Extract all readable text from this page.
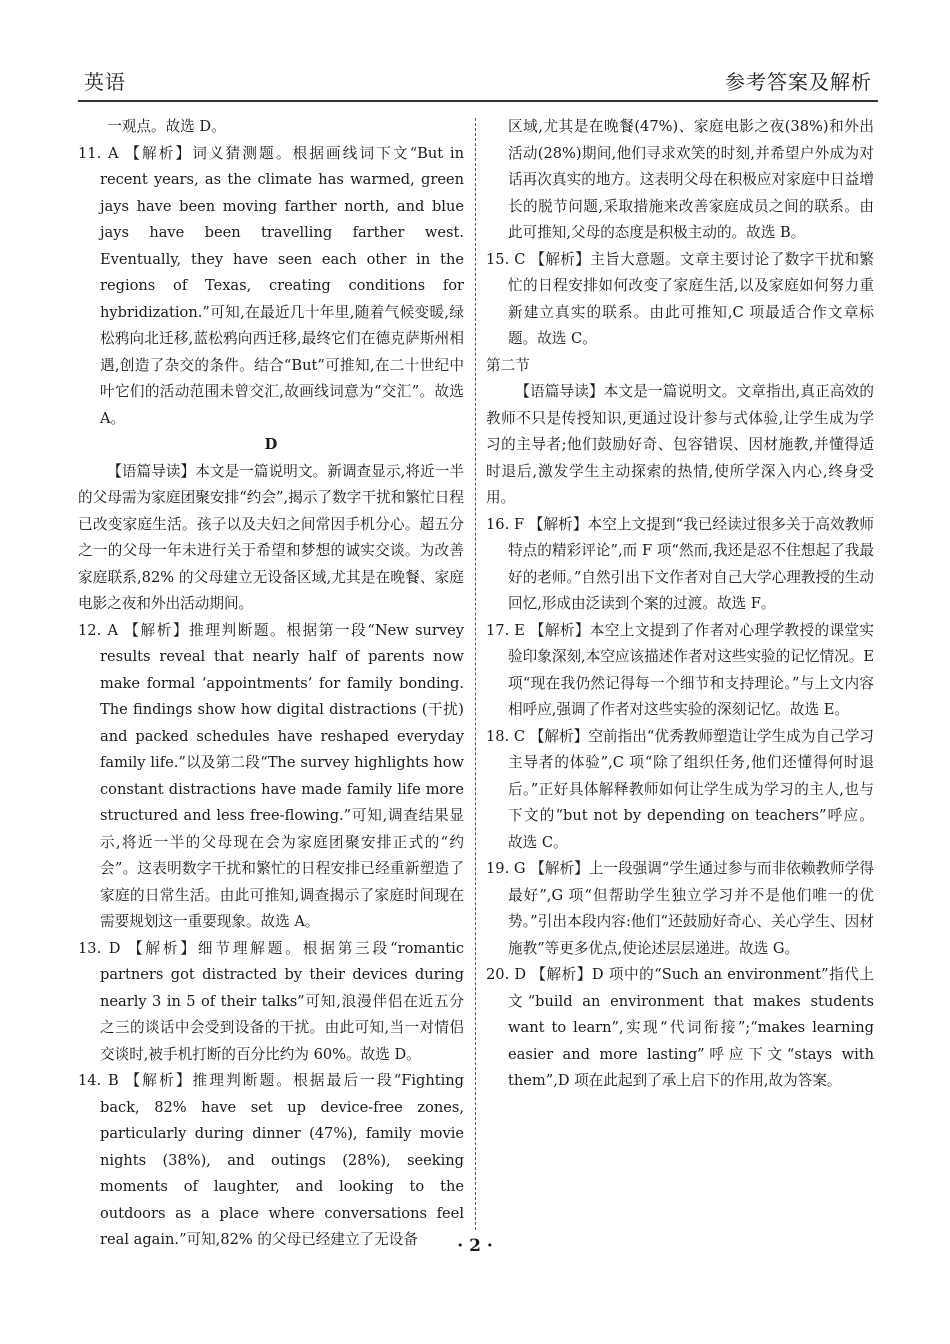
英语	参考答案及解析

一观点。故选 D。

11. A 【解析】词义猜测题。根据画线词下文“But in recent years, as the climate has warmed, green jays have been moving farther north, and blue jays have been travelling farther west. Eventually, they have seen each other in the regions of Texas, creating conditions for hybridization.”可知,在最近几十年里,随着气候变暖,绿松鸦向北迁移,蓝松鸦向西迁移,最终它们在德克萨斯州相遇,创造了杂交的条件。结合“But”可推知,在二十世纪中叶它们的活动范围未曾交汇,故画线词意为“交汇”。故选 A。

D

【语篇导读】本文是一篇说明文。新调查显示,将近一半的父母需为家庭团聚安排“约会”,揭示了数字干扰和繁忙日程已改变家庭生活。孩子以及夫妇之间常因手机分心。超五分之一的父母一年未进行关于希望和梦想的诚实交谈。为改善家庭联系,82% 的父母建立无设备区域,尤其是在晚餐、家庭电影之夜和外出活动期间。

12. A 【解析】推理判断题。根据第一段“New survey results reveal that nearly half of parents now make formal ‘appointments’ for family bonding. The findings show how digital distractions (干扰) and packed schedules have reshaped everyday family life.”以及第二段“The survey highlights how constant distractions have made family life more structured and less free-flowing.”可知,调查结果显示,将近一半的父母现在会为家庭团聚安排正式的“约会”。这表明数字干扰和繁忙的日程安排已经重新塑造了家庭的日常生活。由此可推知,调查揭示了家庭时间现在需要规划这一重要现象。故选 A。

13. D 【解析】细节理解题。根据第三段“romantic partners got distracted by their devices during nearly 3 in 5 of their talks”可知,浪漫伴侣在近五分之三的谈话中会受到设备的干扰。由此可知,当一对情侣交谈时,被手机打断的百分比约为 60%。故选 D。

14. B 【解析】推理判断题。根据最后一段“Fighting back, 82% have set up device-free zones, particularly during dinner (47%), family movie nights (38%), and outings (28%), seeking moments of laughter, and looking to the outdoors as a place where conversations feel real again.”可知,82% 的父母已经建立了无设备

区域,尤其是在晚餐(47%)、家庭电影之夜(38%)和外出活动(28%)期间,他们寻求欢笑的时刻,并希望户外成为对话再次真实的地方。这表明父母在积极应对家庭中日益增长的脱节问题,采取措施来改善家庭成员之间的联系。由此可推知,父母的态度是积极主动的。故选 B。

15. C 【解析】主旨大意题。文章主要讨论了数字干扰和繁忙的日程安排如何改变了家庭生活,以及家庭如何努力重新建立真实的联系。由此可推知,C 项最适合作文章标题。故选 C。

第二节

【语篇导读】本文是一篇说明文。文章指出,真正高效的教师不只是传授知识,更通过设计参与式体验,让学生成为学习的主导者;他们鼓励好奇、包容错误、因材施教,并懂得适时退后,激发学生主动探索的热情,使所学深入内心,终身受用。

16. F 【解析】本空上文提到“我已经读过很多关于高效教师特点的精彩评论”,而 F 项“然而,我还是忍不住想起了我最好的老师。”自然引出下文作者对自己大学心理教授的生动回忆,形成由泛读到个案的过渡。故选 F。

17. E 【解析】本空上文提到了作者对心理学教授的课堂实验印象深刻,本空应该描述作者对这些实验的记忆情况。E 项“现在我仍然记得每一个细节和支持理论。”与上文内容相呼应,强调了作者对这些实验的深刻记忆。故选 E。

18. C 【解析】空前指出“优秀教师塑造让学生成为自己学习主导者的体验”,C 项“除了组织任务,他们还懂得何时退后。”正好具体解释教师如何让学生成为学习的主人,也与下文的“but not by depending on teachers”呼应。故选 C。

19. G 【解析】上一段强调“学生通过参与而非依赖教师学得最好”,G 项“但帮助学生独立学习并不是他们唯一的优势。”引出本段内容:他们“还鼓励好奇心、关心学生、因材施教”等更多优点,使论述层层递进。故选 G。

20. D 【解析】D 项中的“Such an environment”指代上文“build an environment that makes students want to learn”,实现“代词衔接”;“makes learning easier and more lasting”呼应下文“stays with them”,D 项在此起到了承上启下的作用,故为答案。

· 2 ·
